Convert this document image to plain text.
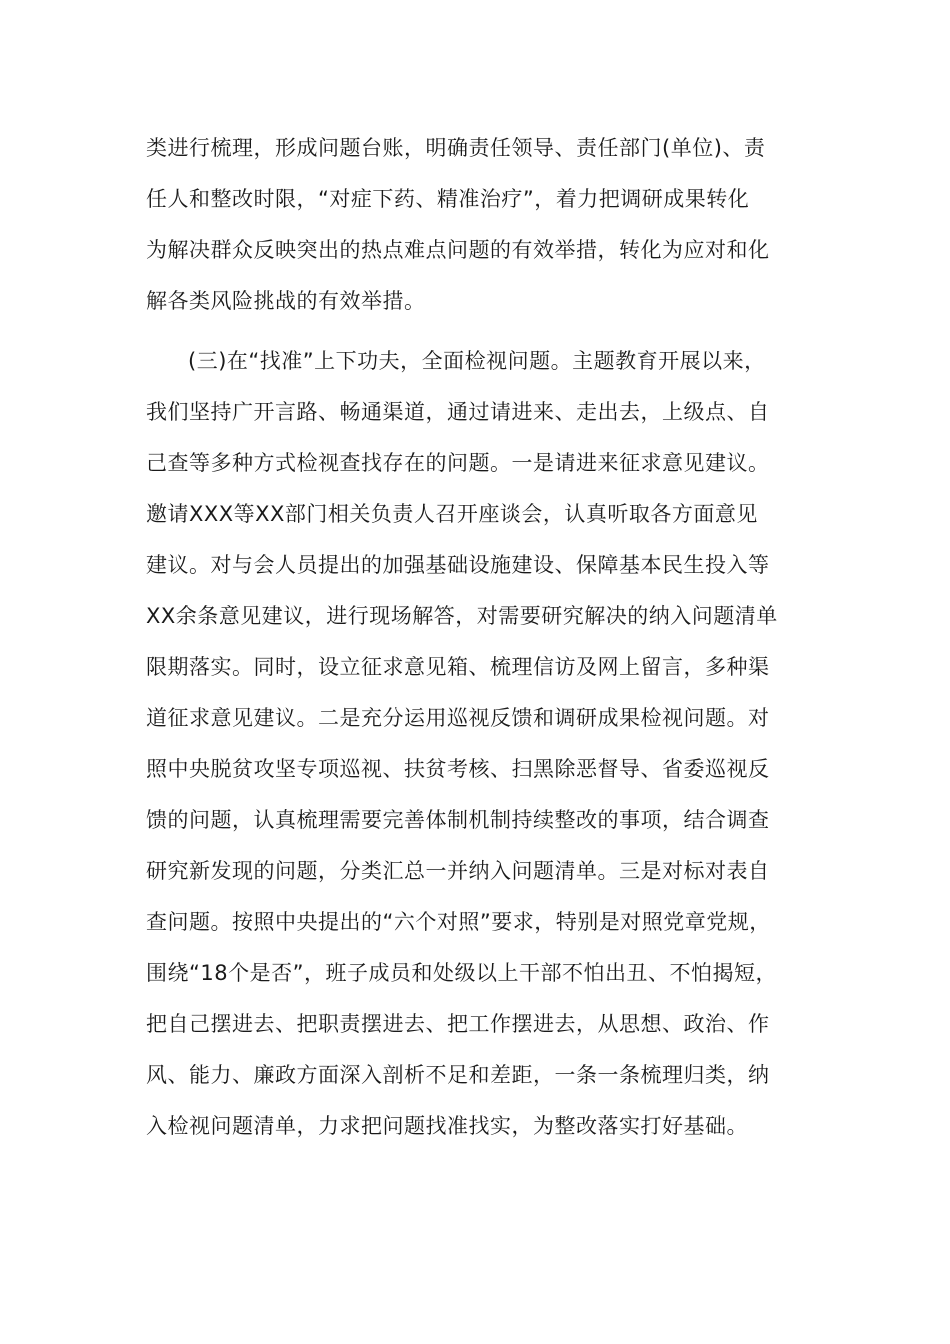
类进行梳理，形成问题台账，明确责任领导、责任部门(单位)、责
任人和整改时限，“对症下药、精准治疗”，着力把调研成果转化
为解决群众反映突出的热点难点问题的有效举措，转化为应对和化
解各类风险挑战的有效举措。
(三)在“找准”上下功夫，全面检视问题。主题教育开展以来，
我们坚持广开言路、畅通渠道，通过请进来、走出去，上级点、自
己查等多种方式检视查找存在的问题。一是请进来征求意见建议。
邀请XXX等XX部门相关负责人召开座谈会，认真听取各方面意见
建议。对与会人员提出的加强基础设施建设、保障基本民生投入等
XX余条意见建议，进行现场解答，对需要研究解决的纳入问题清单
限期落实。同时，设立征求意见箱、梳理信访及网上留言，多种渠
道征求意见建议。二是充分运用巡视反馈和调研成果检视问题。对
照中央脱贫攻坚专项巡视、扶贫考核、扫黑除恶督导、省委巡视反
馈的问题，认真梳理需要完善体制机制持续整改的事项，结合调查
研究新发现的问题，分类汇总一并纳入问题清单。三是对标对表自
查问题。按照中央提出的“六个对照”要求，特别是对照党章党规，
围绕“18个是否”，班子成员和处级以上干部不怕出丑、不怕揭短，
把自己摆进去、把职责摆进去、把工作摆进去，从思想、政治、作
风、能力、廉政方面深入剖析不足和差距，一条一条梳理归类，纳
入检视问题清单，力求把问题找准找实，为整改落实打好基础。
